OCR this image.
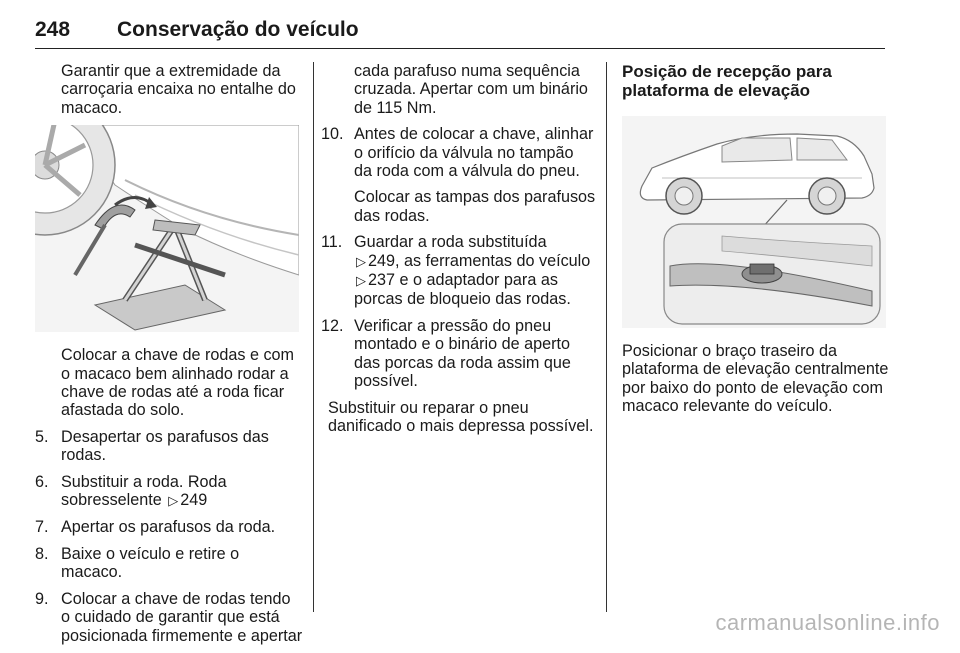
248 Conservação do veículo

Garantir que a extremidade da carroçaria encaixa no entalhe do macaco.

Colocar a chave de rodas e com o macaco bem alinhado rodar a chave de rodas até a roda ficar afastada do solo.

5. Desapertar os parafusos das rodas.
6. Substituir a roda. Roda sobresselente ▷ 249
7. Apertar os parafusos da roda.
8. Baixe o veículo e retire o macaco.
9. Colocar a chave de rodas tendo o cuidado de garantir que está posicionada firmemente e apertar

cada parafuso numa sequência cruzada. Apertar com um binário de 115 Nm.

10. Antes de colocar a chave, alinhar o orifício da válvula no tampão da roda com a válvula do pneu.
Colocar as tampas dos parafusos das rodas.
11. Guardar a roda substituída
▷ 249, as ferramentas do veículo
▷ 237 e o adaptador para as porcas de bloqueio das rodas.
12. Verificar a pressão do pneu montado e o binário de aperto das porcas da roda assim que possível.

Substituir ou reparar o pneu danificado o mais depressa possível.

Posição de recepção para plataforma de elevação

Posicionar o braço traseiro da plataforma de elevação centralmente por baixo do ponto de elevação com macaco relevante do veículo.

carmanualsonline.info
